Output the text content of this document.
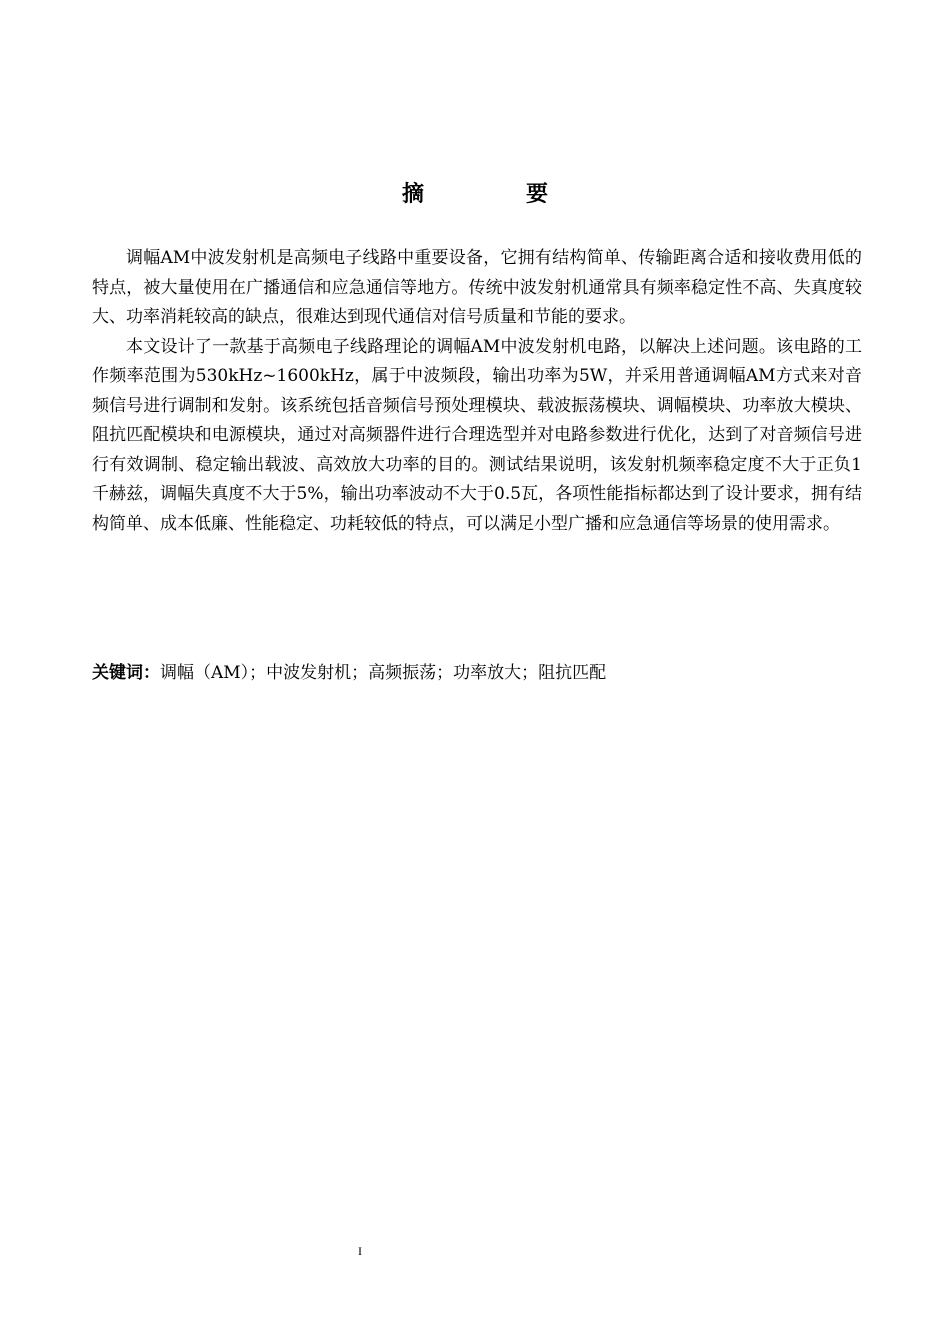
摘　要

调幅AM中波发射机是高频电子线路中重要设备，它拥有结构简单、传输距离合适和接收费用低的特点，被大量使用在广播通信和应急通信等地方。传统中波发射机通常具有频率稳定性不高、失真度较大、功率消耗较高的缺点，很难达到现代通信对信号质量和节能的要求。

本文设计了一款基于高频电子线路理论的调幅AM中波发射机电路，以解决上述问题。该电路的工作频率范围为530kHz~1600kHz，属于中波频段，输出功率为5W，并采用普通调幅AM方式来对音频信号进行调制和发射。该系统包括音频信号预处理模块、载波振荡模块、调幅模块、功率放大模块、阻抗匹配模块和电源模块，通过对高频器件进行合理选型并对电路参数进行优化，达到了对音频信号进行有效调制、稳定输出载波、高效放大功率的目的。测试结果说明，该发射机频率稳定度不大于正负1千赫兹，调幅失真度不大于5%，输出功率波动不大于0.5瓦，各项性能指标都达到了设计要求，拥有结构简单、成本低廉、性能稳定、功耗较低的特点，可以满足小型广播和应急通信等场景的使用需求。

关键词：调幅（AM）；中波发射机；高频振荡；功率放大；阻抗匹配
I
